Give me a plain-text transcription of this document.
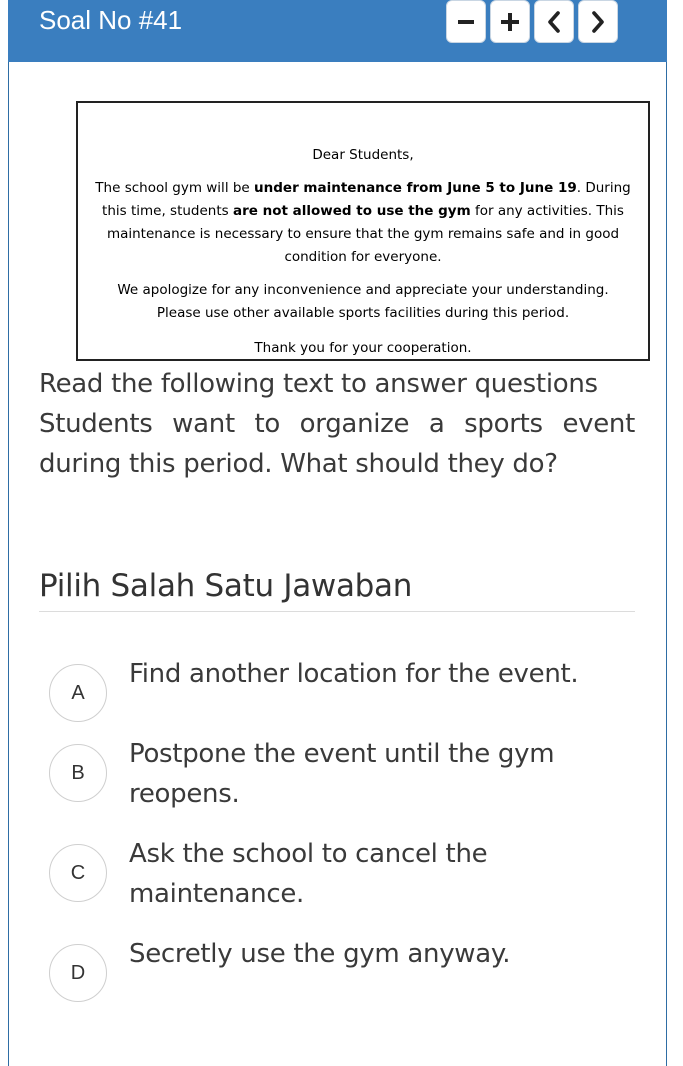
Soal No #41
Dear Students,
The school gym will be under maintenance from June 5 to June 19. During this time, students are not allowed to use the gym for any activities. This maintenance is necessary to ensure that the gym remains safe and in good condition for everyone.
We apologize for any inconvenience and appreciate your understanding. Please use other available sports facilities during this period.
Thank you for your cooperation.
Read the following text to answer questions
Students want to organize a sports event during this period. What should they do?
Pilih Salah Satu Jawaban
A
Find another location for the event.
B
Postpone the event until the gym reopens.
C
Ask the school to cancel the maintenance.
D
Secretly use the gym anyway.
